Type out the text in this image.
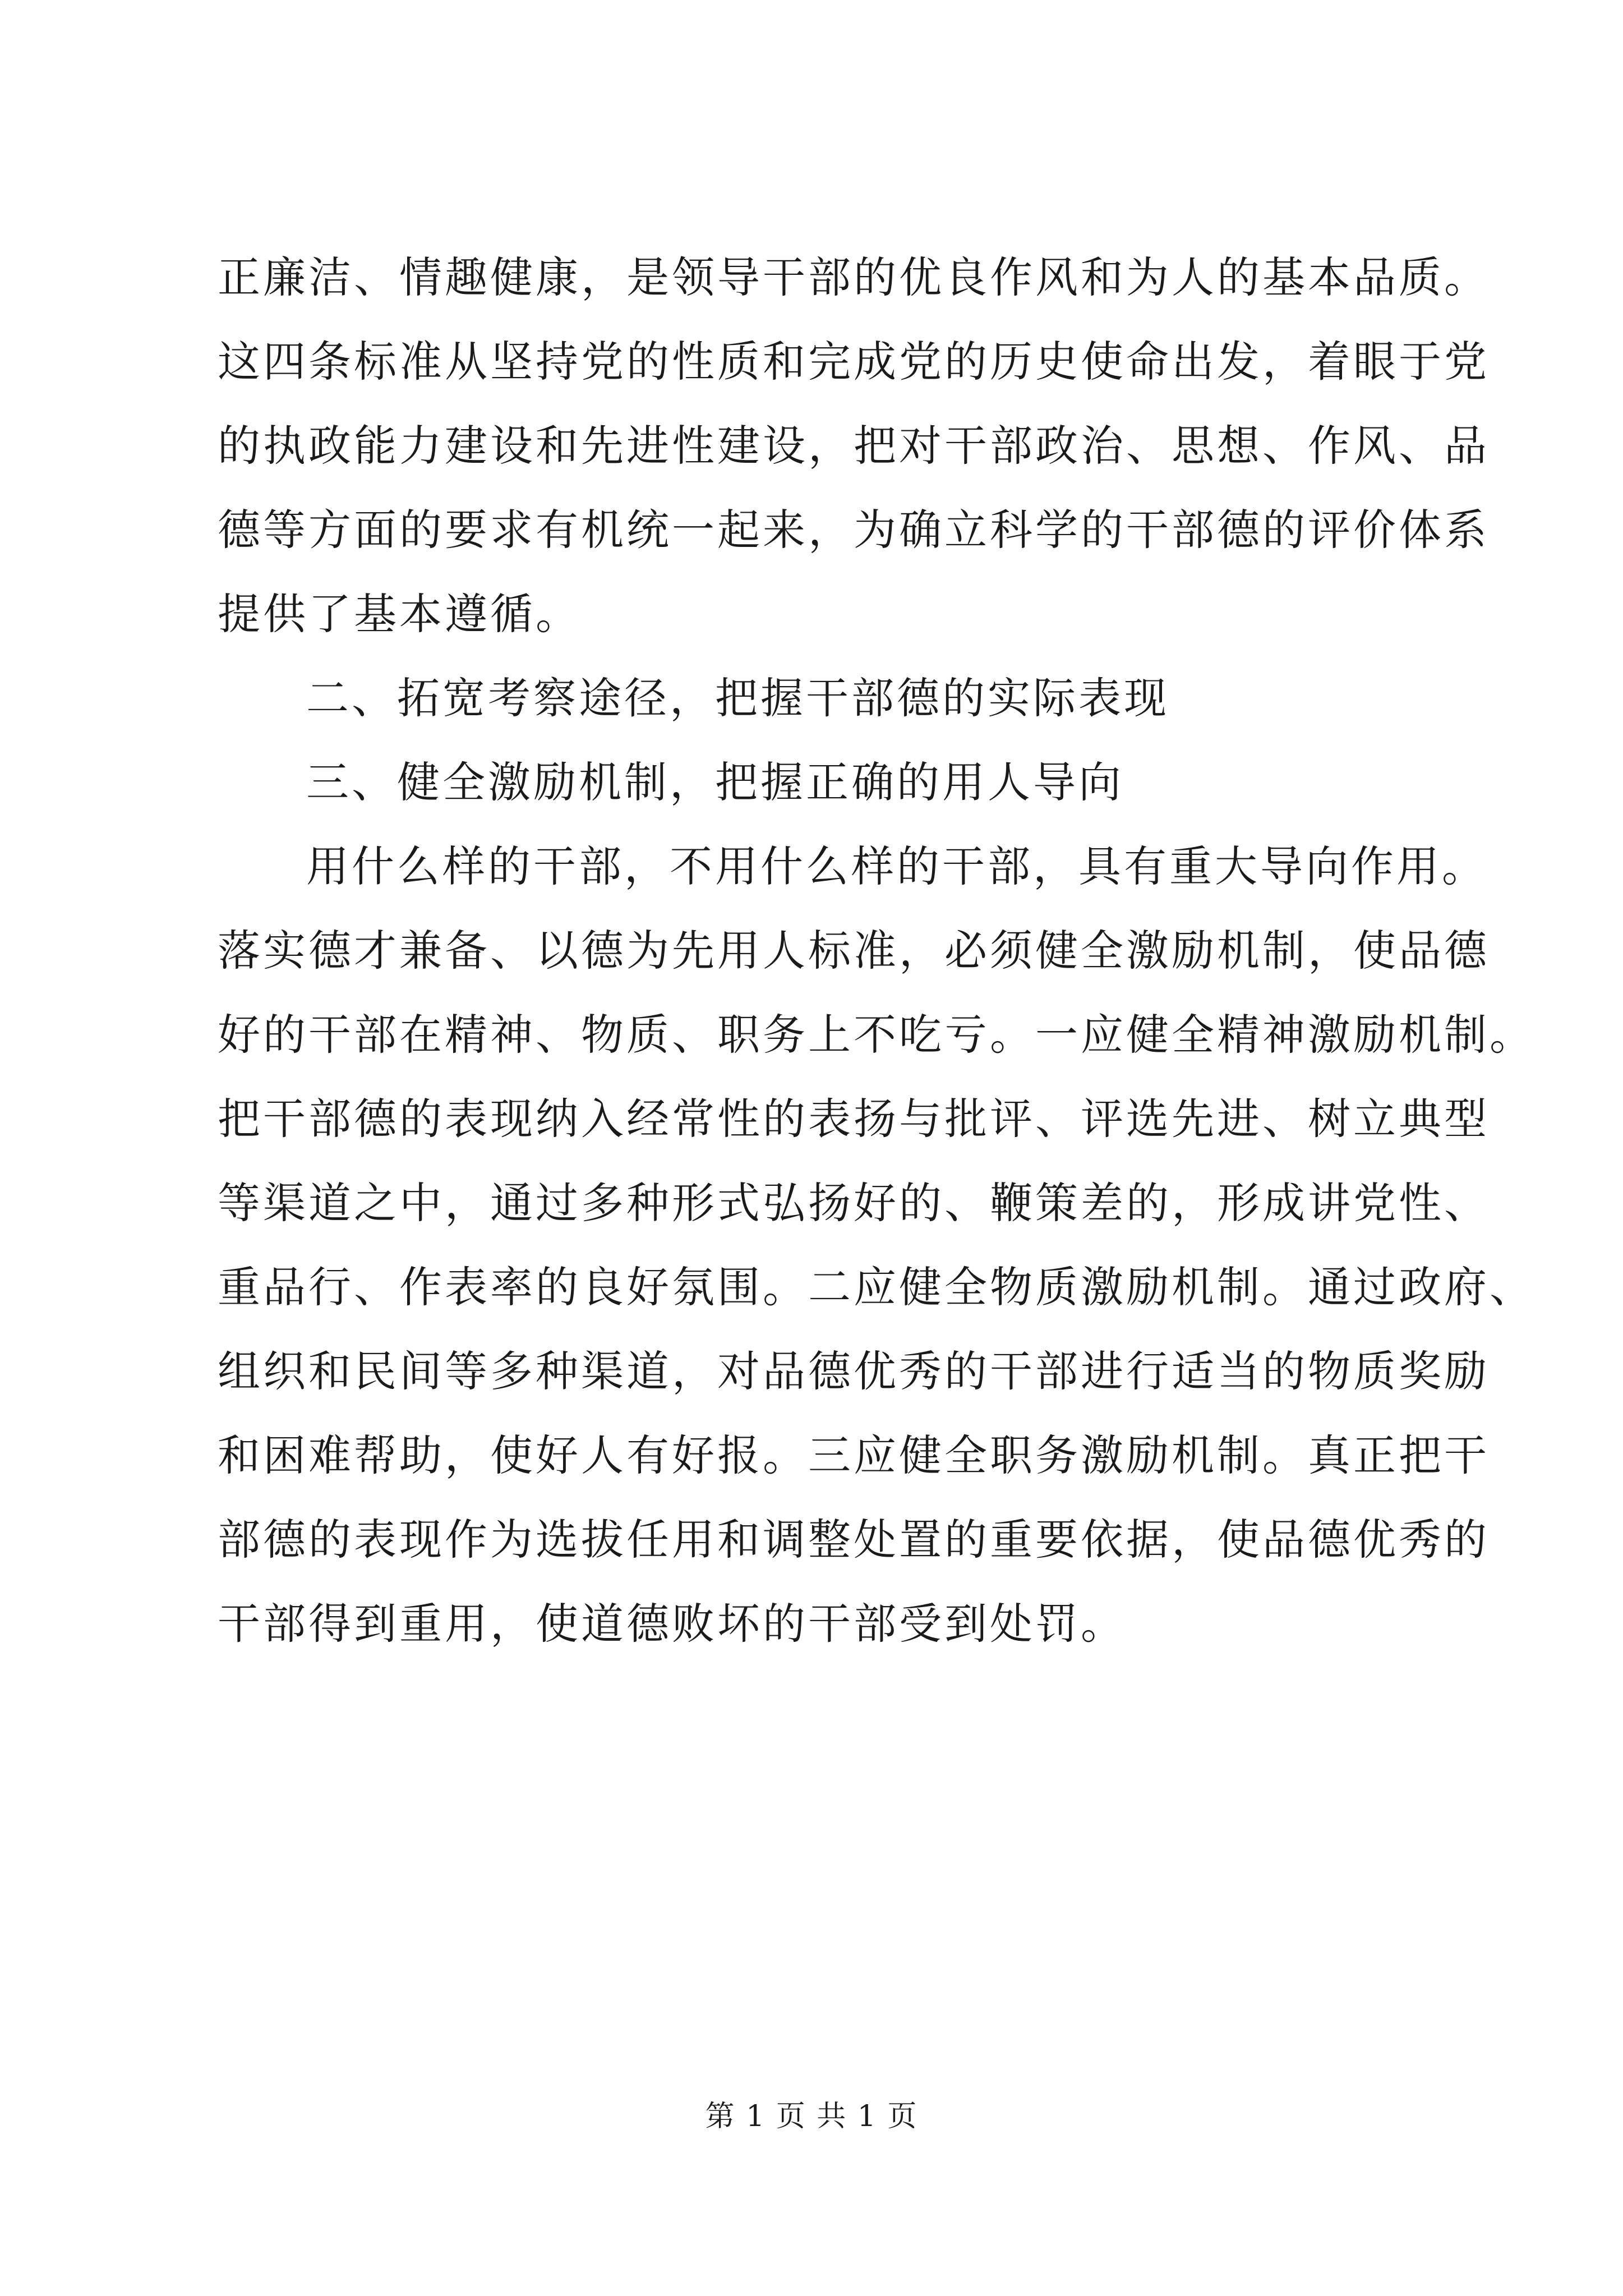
正廉洁、情趣健康，是领导干部的优良作风和为人的基本品质。
这四条标准从坚持党的性质和完成党的历史使命出发，着眼于党
的执政能力建设和先进性建设，把对干部政治、思想、作风、品
德等方面的要求有机统一起来，为确立科学的干部德的评价体系
提供了基本遵循。
二、拓宽考察途径，把握干部德的实际表现
三、健全激励机制，把握正确的用人导向
用什么样的干部，不用什么样的干部，具有重大导向作用。
落实德才兼备、以德为先用人标准，必须健全激励机制，使品德
好的干部在精神、物质、职务上不吃亏。一应健全精神激励机制。
把干部德的表现纳入经常性的表扬与批评、评选先进、树立典型
等渠道之中，通过多种形式弘扬好的、鞭策差的，形成讲党性、
重品行、作表率的良好氛围。二应健全物质激励机制。通过政府、
组织和民间等多种渠道，对品德优秀的干部进行适当的物质奖励
和困难帮助，使好人有好报。三应健全职务激励机制。真正把干
部德的表现作为选拔任用和调整处置的重要依据，使品德优秀的
干部得到重用，使道德败坏的干部受到处罚。
第 1 页 共 1 页
